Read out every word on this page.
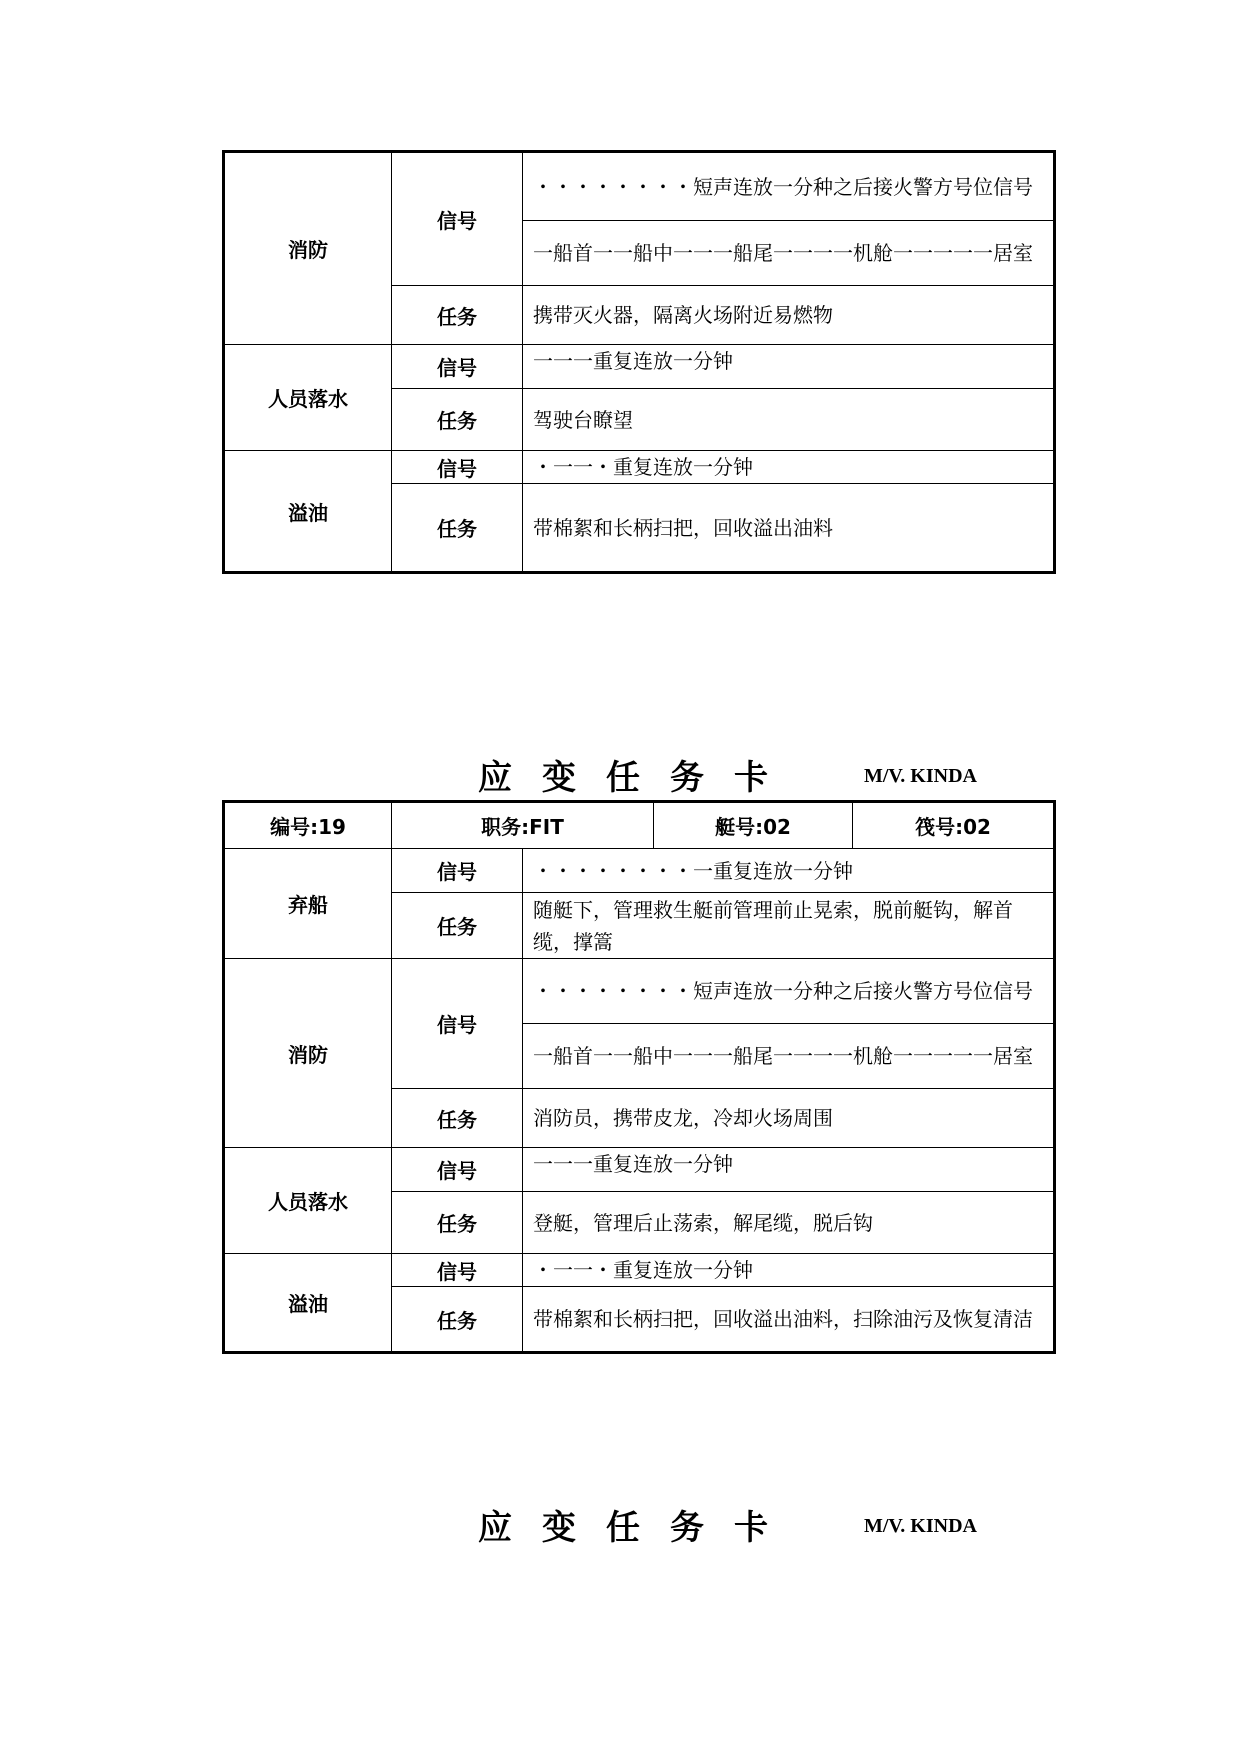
消防	信号	・・・・・・・・短声连放一分种之后接火警方号位信号
		一船首一一船中一一一船尾一一一一机舱一一一一一居室
	任务	携带灭火器，隔离火场附近易燃物
人员落水	信号	一一一重复连放一分钟
	任务	驾驶台瞭望
溢油	信号	・一一・重复连放一分钟
	任务	带棉絮和长柄扫把，回收溢出油料
应变任务卡	M/V. KINDA
编号:19	职务:FIT		艇号:02	筏号:02
弃船	信号	・・・・・・・・一重复连放一分钟		
	任务	随艇下，管理救生艇前管理前止晃索，脱前艇钩，解首缆，撑篙		
消防	信号	・・・・・・・・短声连放一分种之后接火警方号位信号		
		一船首一一船中一一一船尾一一一一机舱一一一一一居室		
	任务	消防员，携带皮龙，冷却火场周围		
人员落水	信号	一一一重复连放一分钟		
	任务	登艇，管理后止荡索，解尾缆，脱后钩		
溢油	信号	・一一・重复连放一分钟		
	任务	带棉絮和长柄扫把，回收溢出油料，扫除油污及恢复清洁		
应变任务卡	M/V. KINDA
